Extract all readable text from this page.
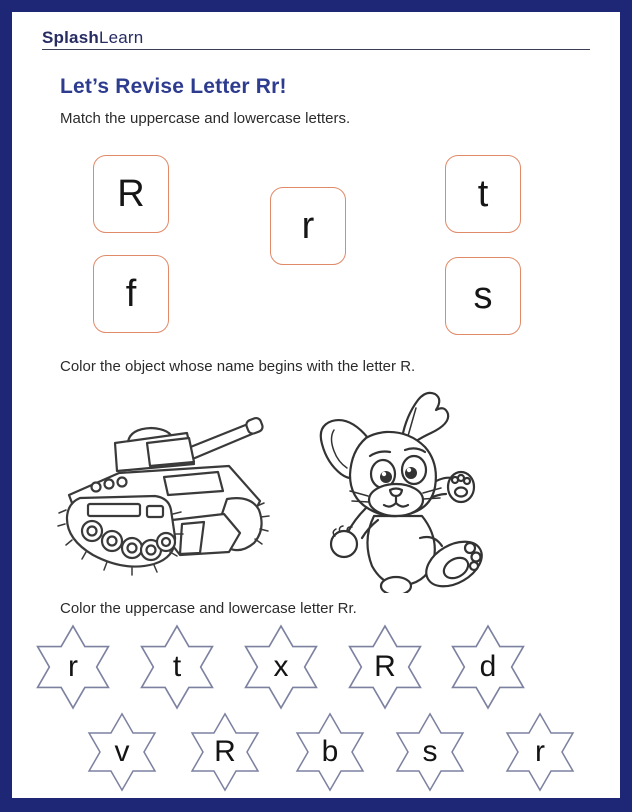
SplashLearn
Let’s Revise Letter Rr!
Match the uppercase and lowercase letters.
R
r
t
f	s
Color the object whose name begins with the letter R.
Color the uppercase and lowercase letter Rr.
r	t	x	R	d
v	R	b	s	r
